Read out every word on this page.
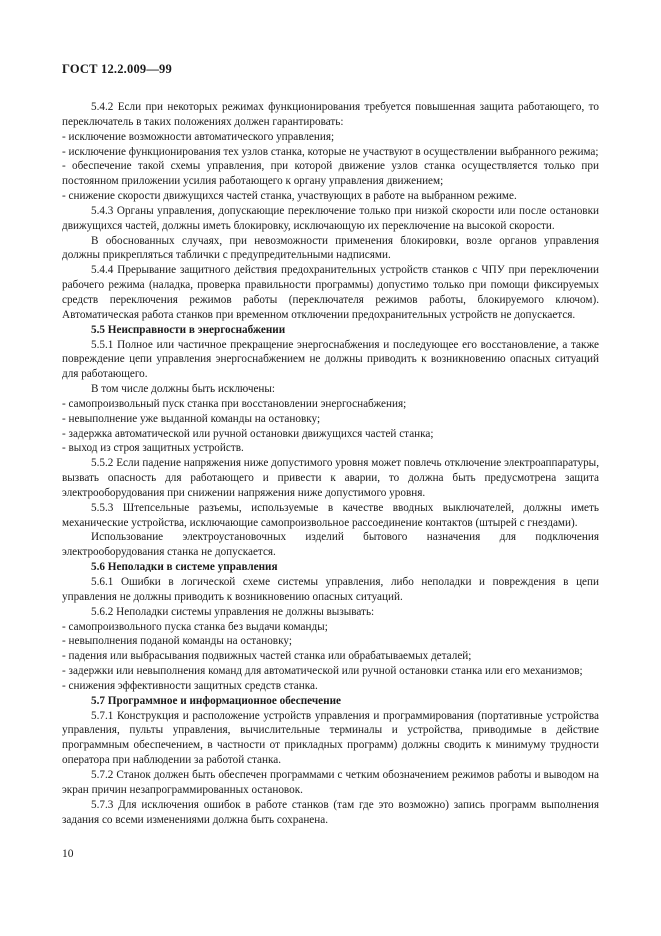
ГОСТ 12.2.009—99

5.4.2 Если при некоторых режимах функционирования требуется повышенная защита работающего, то переключатель в таких положениях должен гарантировать:

- исключение возможности автоматического управления;

- исключение функционирования тех узлов станка, которые не участвуют в осуществлении выбранного режима;

- обеспечение такой схемы управления, при которой движение узлов станка осуществляется только при постоянном приложении усилия работающего к органу управления движением;

- снижение скорости движущихся частей станка, участвующих в работе на выбранном режиме.

5.4.3 Органы управления, допускающие переключение только при низкой скорости или после остановки движущихся частей, должны иметь блокировку, исключающую их переключение на высокой скорости.

В обоснованных случаях, при невозможности применения блокировки, возле органов управления должны прикрепляться таблички с предупредительными надписями.

5.4.4 Прерывание защитного действия предохранительных устройств станков с ЧПУ при переключении рабочего режима (наладка, проверка правильности программы) допустимо только при помощи фиксируемых средств переключения режимов работы (переключателя режимов работы, блокируемого ключом). Автоматическая работа станков при временном отключении предохранительных устройств не допускается.

5.5 Неисправности в энергоснабжении

5.5.1 Полное или частичное прекращение энергоснабжения и последующее его восстановление, а также повреждение цепи управления энергоснабжением не должны приводить к возникновению опасных ситуаций для работающего.

В том числе должны быть исключены:

- самопроизвольный пуск станка при восстановлении энергоснабжения;

- невыполнение уже выданной команды на остановку;

- задержка автоматической или ручной остановки движущихся частей станка;

- выход из строя защитных устройств.

5.5.2 Если падение напряжения ниже допустимого уровня может повлечь отключение электроаппаратуры, вызвать опасность для работающего и привести к аварии, то должна быть предусмотрена защита электрооборудования при снижении напряжения ниже допустимого уровня.

5.5.3 Штепсельные разъемы, используемые в качестве вводных выключателей, должны иметь механические устройства, исключающие самопроизвольное рассоединение контактов (штырей с гнездами).

Использование электроустановочных изделий бытового назначения для подключения электрооборудования станка не допускается.

5.6 Неполадки в системе управления

5.6.1 Ошибки в логической схеме системы управления, либо неполадки и повреждения в цепи управления не должны приводить к возникновению опасных ситуаций.

5.6.2 Неполадки системы управления не должны вызывать:

- самопроизвольного пуска станка без выдачи команды;

- невыполнения поданой команды на остановку;

- падения или выбрасывания подвижных частей станка или обрабатываемых деталей;

- задержки или невыполнения команд для автоматической или ручной остановки станка или его механизмов;

- снижения эффективности защитных средств станка.

5.7 Программное и информационное обеспечение

5.7.1 Конструкция и расположение устройств управления и программирования (портативные устройства управления, пульты управления, вычислительные терминалы и устройства, приводимые в действие программным обеспечением, в частности от прикладных программ) должны сводить к минимуму трудности оператора при наблюдении за работой станка.

5.7.2 Станок должен быть обеспечен программами с четким обозначением режимов работы и выводом на экран причин незапрограммированных остановок.

5.7.3 Для исключения ошибок в работе станков (там где это возможно) запись программ выполнения задания со всеми изменениями должна быть сохранена.

10
